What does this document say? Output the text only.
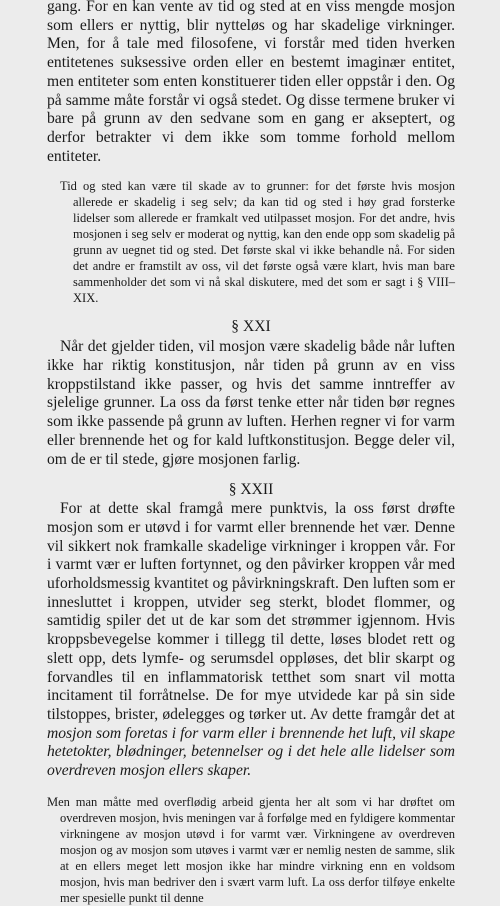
gang. For en kan vente av tid og sted at en viss mengde mosjon som ellers er nyttig, blir nytteløs og har skadelige virkninger. Men, for å tale med filosofene, vi forstår med tiden hverken entitetenes suksessive orden eller en bestemt imaginær entitet, men entiteter som enten konstituerer tiden eller oppstår i den. Og på samme måte forstår vi også stedet. Og disse termene bruker vi bare på grunn av den sedvane som en gang er akseptert, og derfor betrakter vi dem ikke som tomme forhold mellom entiteter.

Tid og sted kan være til skade av to grunner: for det første hvis mosjon allerede er skadelig i seg selv; da kan tid og sted i høy grad forsterke lidelser som allerede er framkalt ved utilpasset mosjon. For det andre, hvis mosjonen i seg selv er moderat og nyttig, kan den ende opp som skadelig på grunn av uegnet tid og sted. Det første skal vi ikke behandle nå. For siden det andre er framstilt av oss, vil det første også være klart, hvis man bare sammenholder det som vi nå skal diskutere, med det som er sagt i § VIII– XIX.

§ XXI

Når det gjelder tiden, vil mosjon være skadelig både når luften ikke har riktig konstitusjon, når tiden på grunn av en viss kroppstilstand ikke passer, og hvis det samme inntreffer av sjelelige grunner. La oss da først tenke etter når tiden bør regnes som ikke passende på grunn av luften. Herhen regner vi for varm eller brennende het og for kald luftkonstitusjon. Begge deler vil, om de er til stede, gjøre mosjonen farlig.

§ XXII

For at dette skal framgå mere punktvis, la oss først drøfte mosjon som er utøvd i for varmt eller brennende het vær. Denne vil sikkert nok framkalle skadelige virkninger i kroppen vår. For i varmt vær er luften fortynnet, og den påvirker kroppen vår med uforholdsmessig kvantitet og påvirkningskraft. Den luften som er innesluttet i kroppen, utvider seg sterkt, blodet flommer, og samtidig spiler det ut de kar som det strømmer igjennom. Hvis kroppsbevegelse kommer i tillegg til dette, løses blodet rett og slett opp, dets lymfe- og serumsdel oppløses, det blir skarpt og forvandles til en inflammatorisk tetthet som snart vil motta incitament til forråtnelse. De for mye utvidede kar på sin side tilstoppes, brister, ødelegges og tørker ut. Av dette framgår det at mosjon som foretas i for varm eller i brennende het luft, vil skape hetetokter, blødninger, betennelser og i det hele alle lidelser som overdreven mosjon ellers skaper.

Men man måtte med overflødig arbeid gjenta her alt som vi har drøftet om overdreven mosjon, hvis meningen var å forfølge med en fyldigere kommentar virkningene av mosjon utøvd i for varmt vær. Virkningene av overdreven mosjon og av mosjon som utøves i varmt vær er nemlig nesten de samme, slik at en ellers meget lett mosjon ikke har mindre virkning enn en voldsom mosjon, hvis man bedriver den i svært varm luft. La oss derfor tilføye enkelte mer spesielle punkt til denne
